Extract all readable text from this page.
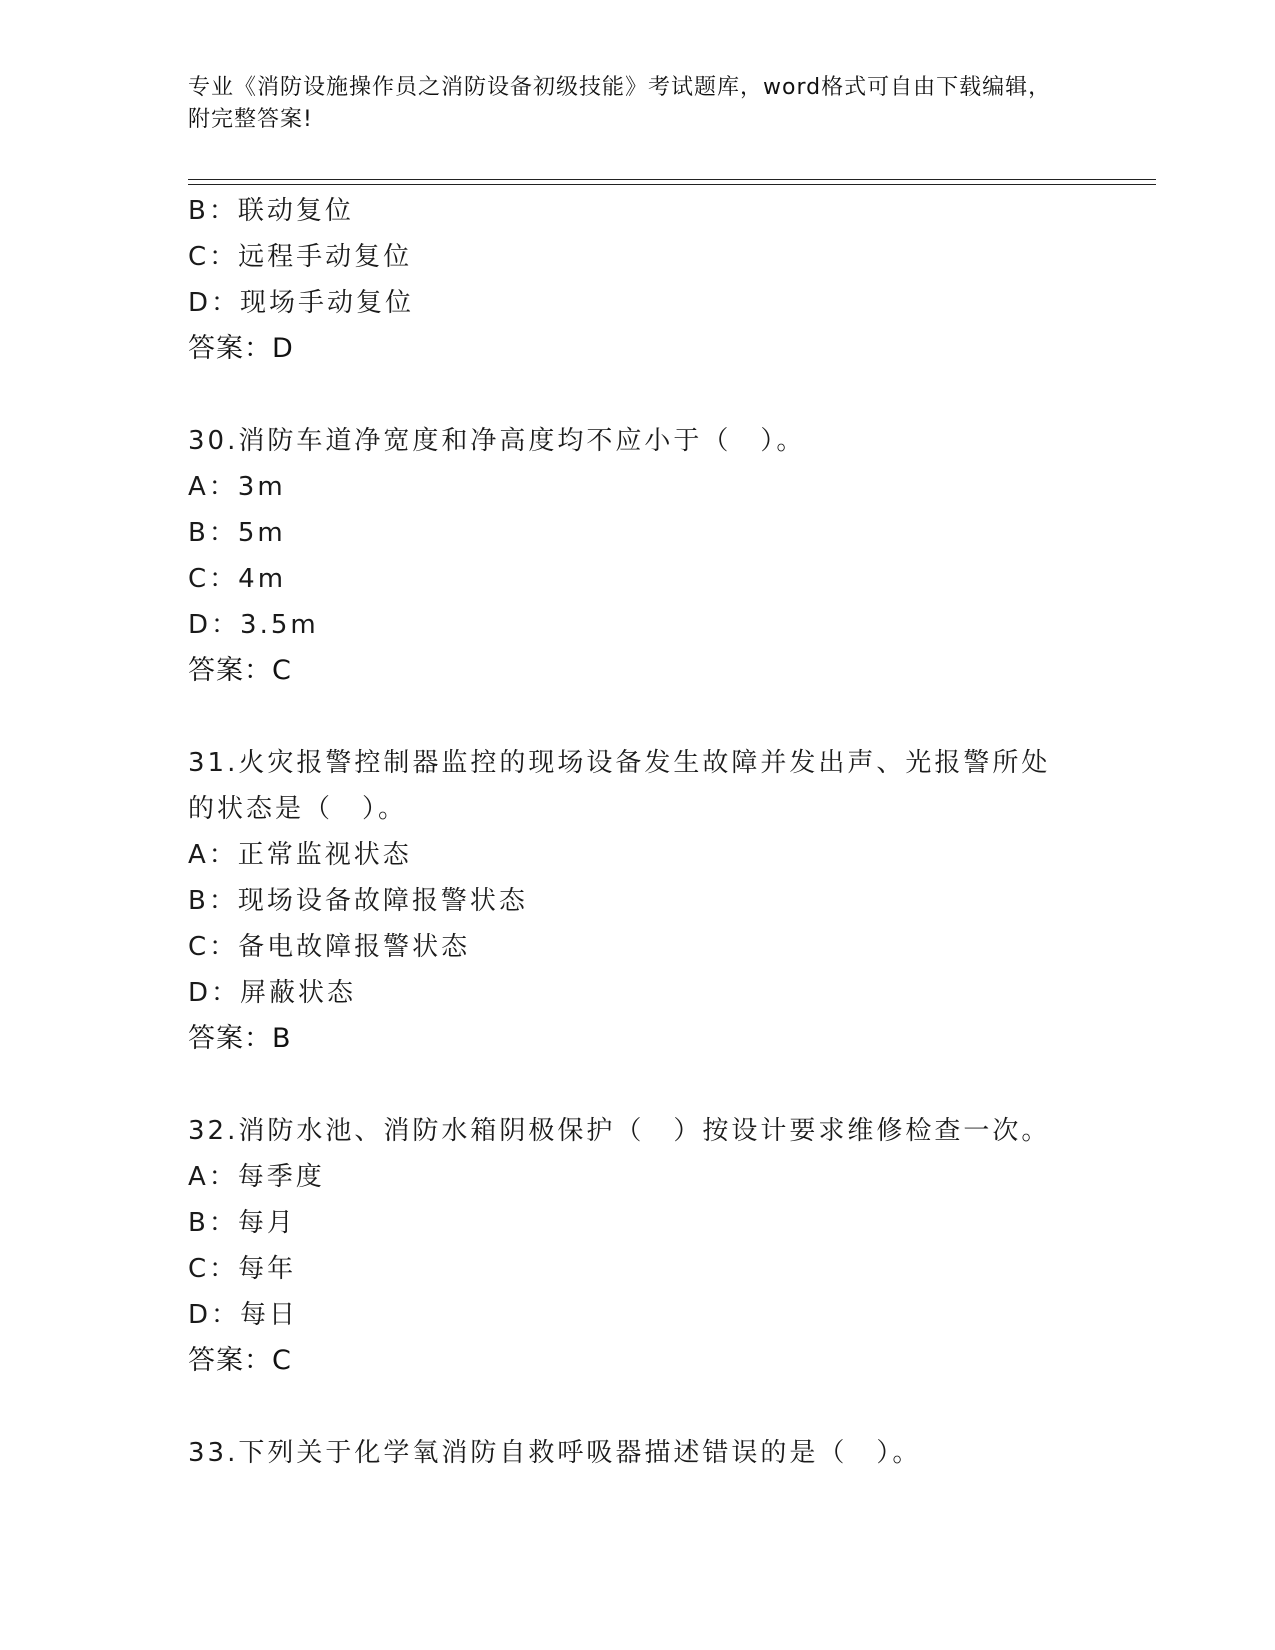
专业《消防设施操作员之消防设备初级技能》考试题库，word格式可自由下载编辑，附完整答案!
B：联动复位
C：远程手动复位
D：现场手动复位
答案：D
30.消防车道净宽度和净高度均不应小于（　）。
A：3m
B：5m
C：4m
D：3.5m
答案：C
31.火灾报警控制器监控的现场设备发生故障并发出声、光报警所处的状态是（　）。
A：正常监视状态
B：现场设备故障报警状态
C：备电故障报警状态
D：屏蔽状态
答案：B
32.消防水池、消防水箱阴极保护（　）按设计要求维修检查一次。
A：每季度
B：每月
C：每年
D：每日
答案：C
33.下列关于化学氧消防自救呼吸器描述错误的是（　）。
